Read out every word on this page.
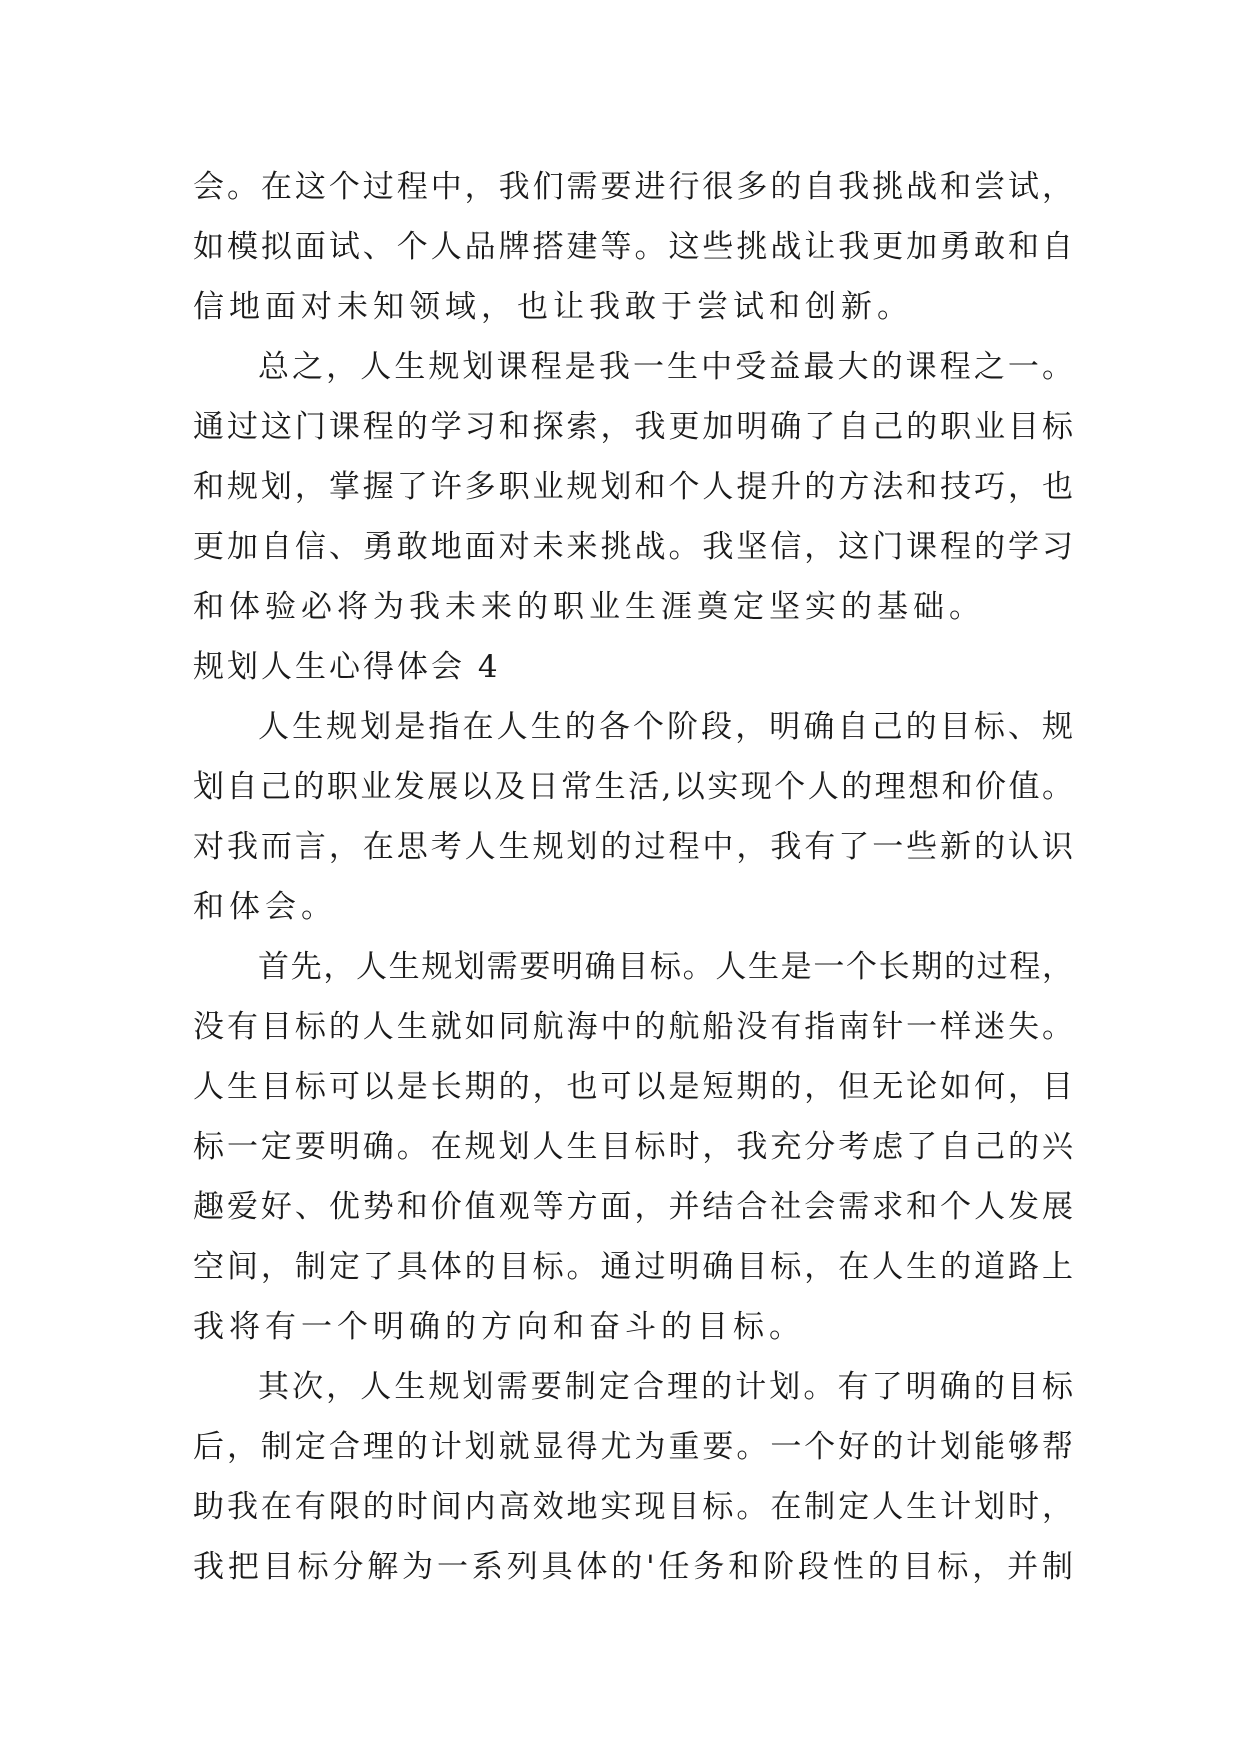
会。在这个过程中，我们需要进行很多的自我挑战和尝试，
如模拟面试、个人品牌搭建等。这些挑战让我更加勇敢和自
信地面对未知领域，也让我敢于尝试和创新。
总之，人生规划课程是我一生中受益最大的课程之一。
通过这门课程的学习和探索，我更加明确了自己的职业目标
和规划，掌握了许多职业规划和个人提升的方法和技巧，也
更加自信、勇敢地面对未来挑战。我坚信，这门课程的学习
和体验必将为我未来的职业生涯奠定坚实的基础。
规划人生心得体会 4
人生规划是指在人生的各个阶段，明确自己的目标、规
划自己的职业发展以及日常生活,以实现个人的理想和价值。
对我而言，在思考人生规划的过程中，我有了一些新的认识
和体会。
首先，人生规划需要明确目标。人生是一个长期的过程，
没有目标的人生就如同航海中的航船没有指南针一样迷失。
人生目标可以是长期的，也可以是短期的，但无论如何，目
标一定要明确。在规划人生目标时，我充分考虑了自己的兴
趣爱好、优势和价值观等方面，并结合社会需求和个人发展
空间，制定了具体的目标。通过明确目标，在人生的道路上
我将有一个明确的方向和奋斗的目标。
其次，人生规划需要制定合理的计划。有了明确的目标
后，制定合理的计划就显得尤为重要。一个好的计划能够帮
助我在有限的时间内高效地实现目标。在制定人生计划时，
我把目标分解为一系列具体的'任务和阶段性的目标，并制
